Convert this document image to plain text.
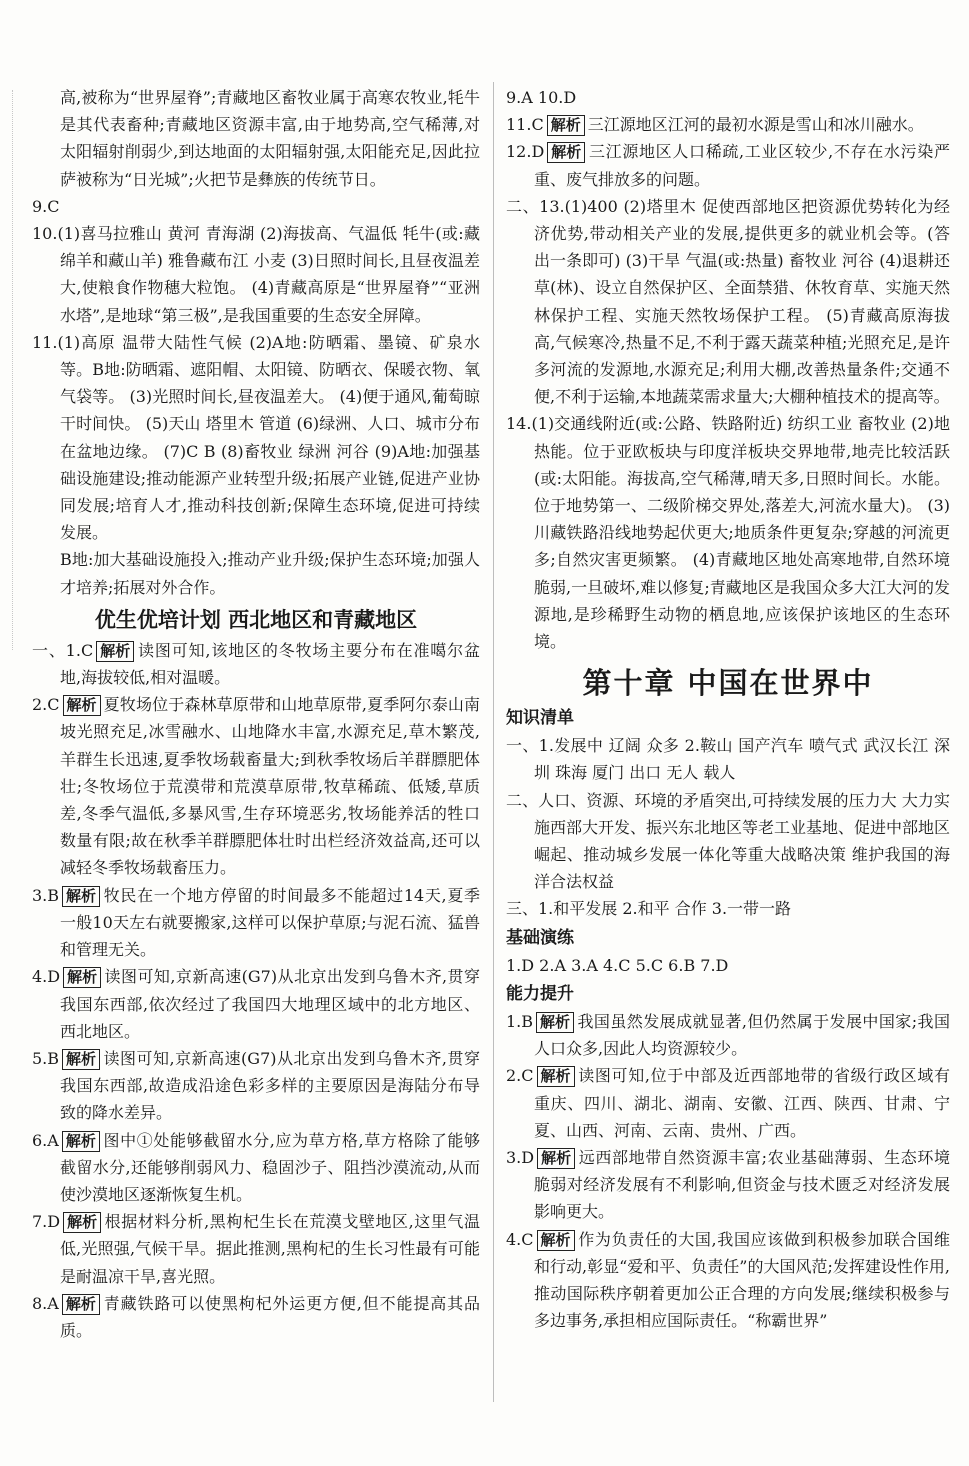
高,被称为“世界屋脊”;青藏地区畜牧业属于高寒农牧业,牦牛是其代表畜种;青藏地区资源丰富,由于地势高,空气稀薄,对太阳辐射削弱少,到达地面的太阳辐射强,太阳能充足,因此拉萨被称为“日光城”;火把节是彝族的传统节日。

9.C

10.(1)喜马拉雅山 黄河 青海湖 (2)海拔高、气温低 牦牛(或:藏绵羊和藏山羊) 雅鲁藏布江 小麦 (3)日照时间长,且昼夜温差大,使粮食作物穗大粒饱。 (4)青藏高原是“世界屋脊”“亚洲水塔”,是地球“第三极”,是我国重要的生态安全屏障。

11.(1)高原 温带大陆性气候 (2)A地:防晒霜、墨镜、矿泉水等。B地:防晒霜、遮阳帽、太阳镜、防晒衣、保暖衣物、氧气袋等。 (3)光照时间长,昼夜温差大。 (4)便于通风,葡萄晾干时间快。 (5)天山 塔里木 管道 (6)绿洲、人口、城市分布在盆地边缘。 (7)C B (8)畜牧业 绿洲 河谷 (9)A地:加强基础设施建设;推动能源产业转型升级;拓展产业链,促进产业协同发展;培育人才,推动科技创新;保障生态环境,促进可持续发展。

B地:加大基础设施投入;推动产业升级;保护生态环境;加强人才培养;拓展对外合作。

优生优培计划 西北地区和青藏地区

一、1.C 解析 读图可知,该地区的冬牧场主要分布在准噶尔盆地,海拔较低,相对温暖。

2.C 解析 夏牧场位于森林草原带和山地草原带,夏季阿尔泰山南坡光照充足,冰雪融水、山地降水丰富,水源充足,草木繁茂,羊群生长迅速,夏季牧场载畜量大;到秋季牧场后羊群膘肥体壮;冬牧场位于荒漠带和荒漠草原带,牧草稀疏、低矮,草质差,冬季气温低,多暴风雪,生存环境恶劣,牧场能养活的牲口数量有限;故在秋季羊群膘肥体壮时出栏经济效益高,还可以减轻冬季牧场载畜压力。

3.B 解析 牧民在一个地方停留的时间最多不能超过14天,夏季一般10天左右就要搬家,这样可以保护草原;与泥石流、猛兽和管理无关。

4.D 解析 读图可知,京新高速(G7)从北京出发到乌鲁木齐,贯穿我国东西部,依次经过了我国四大地理区域中的北方地区、西北地区。

5.B 解析 读图可知,京新高速(G7)从北京出发到乌鲁木齐,贯穿我国东西部,故造成沿途色彩多样的主要原因是海陆分布导致的降水差异。

6.A 解析 图中①处能够截留水分,应为草方格,草方格除了能够截留水分,还能够削弱风力、稳固沙子、阻挡沙漠流动,从而使沙漠地区逐渐恢复生机。

7.D 解析 根据材料分析,黑枸杞生长在荒漠戈壁地区,这里气温低,光照强,气候干旱。据此推测,黑枸杞的生长习性最有可能是耐温凉干旱,喜光照。

8.A 解析 青藏铁路可以使黑枸杞外运更方便,但不能提高其品质。

9.A 10.D

11.C 解析 三江源地区江河的最初水源是雪山和冰川融水。

12.D 解析 三江源地区人口稀疏,工业区较少,不存在水污染严重、废气排放多的问题。

二、13.(1)400 (2)塔里木 促使西部地区把资源优势转化为经济优势,带动相关产业的发展,提供更多的就业机会等。(答出一条即可) (3)干旱 气温(或:热量) 畜牧业 河谷 (4)退耕还草(林)、设立自然保护区、全面禁猎、休牧育草、实施天然林保护工程、实施天然牧场保护工程。 (5)青藏高原海拔高,气候寒冷,热量不足,不利于露天蔬菜种植;光照充足,是许多河流的发源地,水源充足;利用大棚,改善热量条件;交通不便,不利于运输,本地蔬菜需求量大;大棚种植技术的提高等。

14.(1)交通线附近(或:公路、铁路附近) 纺织工业 畜牧业 (2)地热能。位于亚欧板块与印度洋板块交界地带,地壳比较活跃(或:太阳能。海拔高,空气稀薄,晴天多,日照时间长。水能。位于地势第一、二级阶梯交界处,落差大,河流水量大)。 (3)川藏铁路沿线地势起伏更大;地质条件更复杂;穿越的河流更多;自然灾害更频繁。 (4)青藏地区地处高寒地带,自然环境脆弱,一旦破坏,难以修复;青藏地区是我国众多大江大河的发源地,是珍稀野生动物的栖息地,应该保护该地区的生态环境。

第十章 中国在世界中
知识清单

一、1.发展中 辽阔 众多 2.鞍山 国产汽车 喷气式 武汉长江 深圳 珠海 厦门 出口 无人 载人

二、人口、资源、环境的矛盾突出,可持续发展的压力大 大力实施西部大开发、振兴东北地区等老工业基地、促进中部地区崛起、推动城乡发展一体化等重大战略决策 维护我国的海洋合法权益

三、1.和平发展 2.和平 合作 3.一带一路

基础演练

1.D 2.A 3.A 4.C 5.C 6.B 7.D

能力提升

1.B 解析 我国虽然发展成就显著,但仍然属于发展中国家;我国人口众多,因此人均资源较少。

2.C 解析 读图可知,位于中部及近西部地带的省级行政区域有重庆、四川、湖北、湖南、安徽、江西、陕西、甘肃、宁夏、山西、河南、云南、贵州、广西。

3.D 解析 远西部地带自然资源丰富;农业基础薄弱、生态环境脆弱对经济发展有不利影响,但资金与技术匮乏对经济发展影响更大。

4.C 解析 作为负责任的大国,我国应该做到积极参加联合国维和行动,彰显“爱和平、负责任”的大国风范;发挥建设性作用,推动国际秩序朝着更加公正合理的方向发展;继续积极参与多边事务,承担相应国际责任。“称霸世界”
